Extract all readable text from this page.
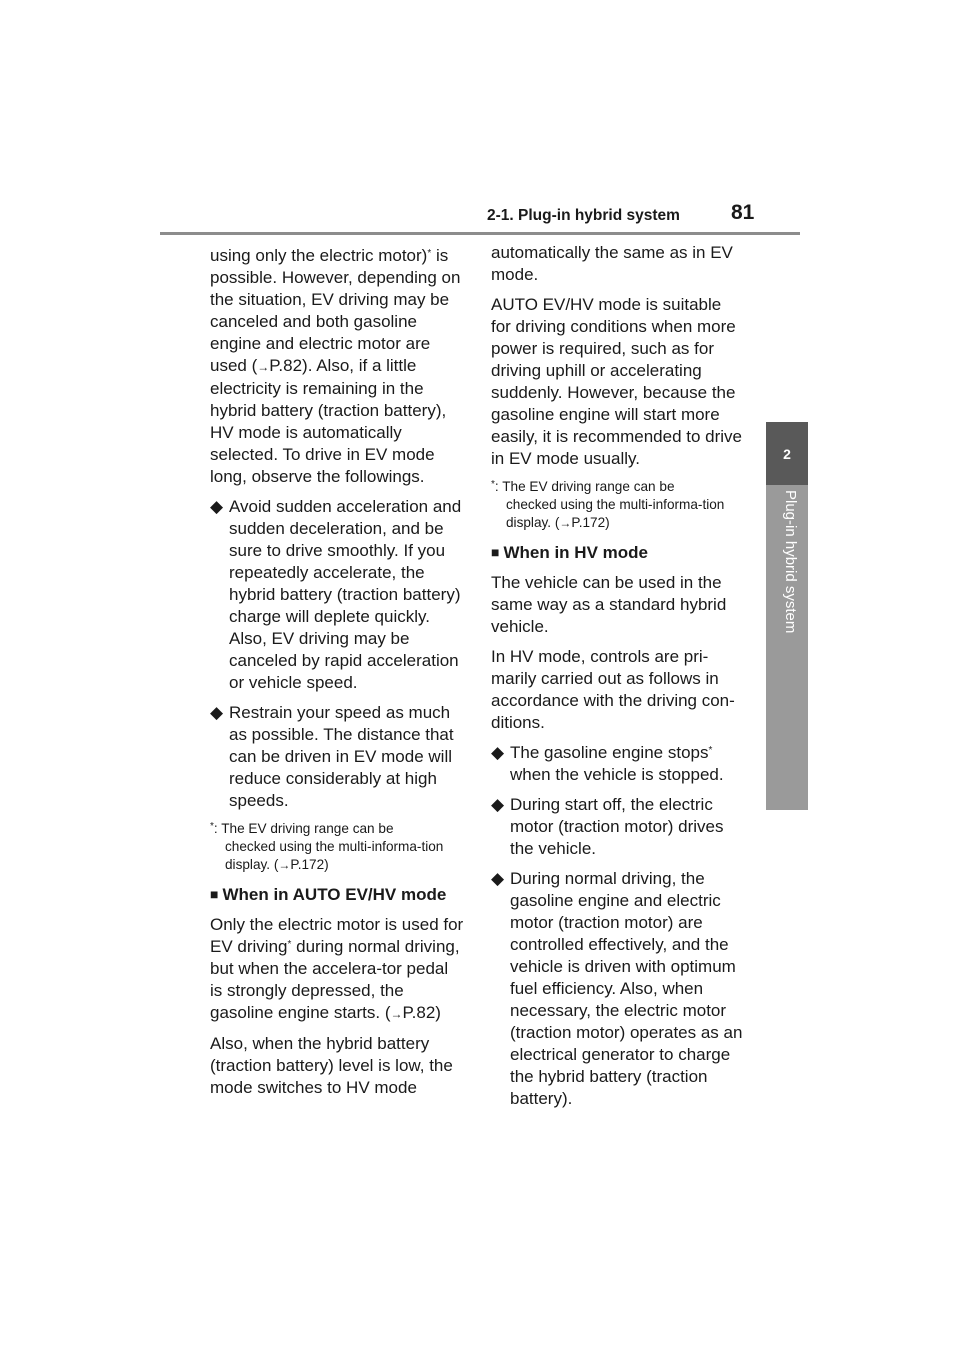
2-1. Plug-in hybrid system 81
2
Plug-in hybrid system

using only the electric motor)* is possible. However, depending on the situation, EV driving may be canceled and both gasoline engine and electric motor are used (→P.82). Also, if a little electricity is remaining in the hybrid battery (traction battery), HV mode is automatically selected. To drive in EV mode long, observe the followings.

◆ Avoid sudden acceleration and sudden deceleration, and be sure to drive smoothly. If you repeatedly accelerate, the hybrid battery (traction battery) charge will deplete quickly. Also, EV driving may be canceled by rapid acceleration or vehicle speed.
◆ Restrain your speed as much as possible. The distance that can be driven in EV mode will reduce considerably at high speeds.
*: The EV driving range can be
checked using the multi-informa-tion display. (→P.172)
■ When in AUTO EV/HV mode

Only the electric motor is used for EV driving* during normal driving, but when the accelera-tor pedal is strongly depressed, the gasoline engine starts. (→P.82)

Also, when the hybrid battery (traction battery) level is low, the mode switches to HV mode

automatically the same as in EV mode.

AUTO EV/HV mode is suitable for driving conditions when more power is required, such as for driving uphill or accelerating suddenly. However, because the gasoline engine will start more easily, it is recommended to drive in EV mode usually.

*: The EV driving range can be
checked using the multi-informa-tion display. (→P.172)
■ When in HV mode

The vehicle can be used in the same way as a standard hybrid vehicle.

In HV mode, controls are pri-marily carried out as follows in accordance with the driving con-ditions.

◆ The gasoline engine stops* when the vehicle is stopped.
◆ During start off, the electric motor (traction motor) drives the vehicle.
◆ During normal driving, the gasoline engine and electric motor (traction motor) are controlled effectively, and the vehicle is driven with optimum fuel efficiency. Also, when necessary, the electric motor (traction motor) operates as an electrical generator to charge the hybrid battery (traction battery).
